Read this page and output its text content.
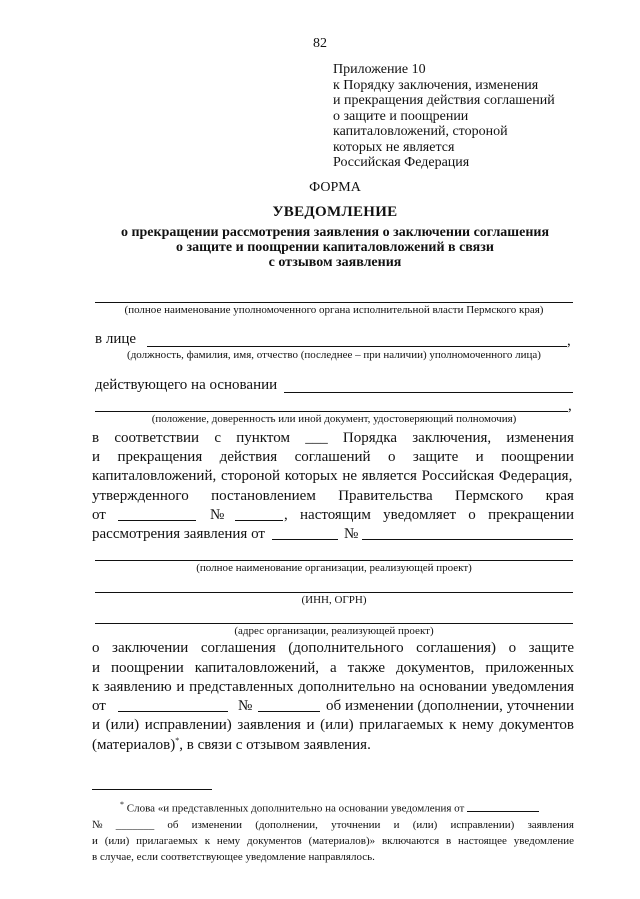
82
Приложение 10
к Порядку заключения, изменения
и прекращения действия соглашений
о защите и поощрении
капиталовложений, стороной
которых не является
Российская Федерация
ФОРМА
УВЕДОМЛЕНИЕ
о прекращении рассмотрения заявления о заключении соглашения
о защите и поощрении капиталовложений в связи
с отзывом заявления
(полное наименование уполномоченного органа исполнительной власти Пермского края)
в лице	,
(должность, фамилия, имя, отчество (последнее – при наличии) уполномоченного лица)
действующего на основании
,
(положение, доверенность или иной документ, удостоверяющий полномочия)
в соответствии с пунктом ___ Порядка заключения, изменения
и прекращения действия соглашений о защите и поощрении
капиталовложений, стороной которых не является Российская Федерация,
утвержденного постановлением Правительства Пермского края
от	№	, настоящим уведомляет о прекращении
рассмотрения заявления от	№
(полное наименование организации, реализующей проект)
(ИНН, ОГРН)
(адрес организации, реализующей проект)
о заключении соглашения (дополнительного соглашения) о защите
и поощрении капиталовложений, а также документов, приложенных
к заявлению и представленных дополнительно на основании уведомления
от	№	об изменении (дополнении, уточнении
и (или) исправлении) заявления и (или) прилагаемых к нему документов
(материалов)*, в связи с отзывом заявления.
* Слова «и представленных дополнительно на основании уведомления от
№ _______ об изменении (дополнении, уточнении и (или) исправлении) заявления
и (или) прилагаемых к нему документов (материалов)» включаются в настоящее уведомление
в случае, если соответствующее уведомление направлялось.
